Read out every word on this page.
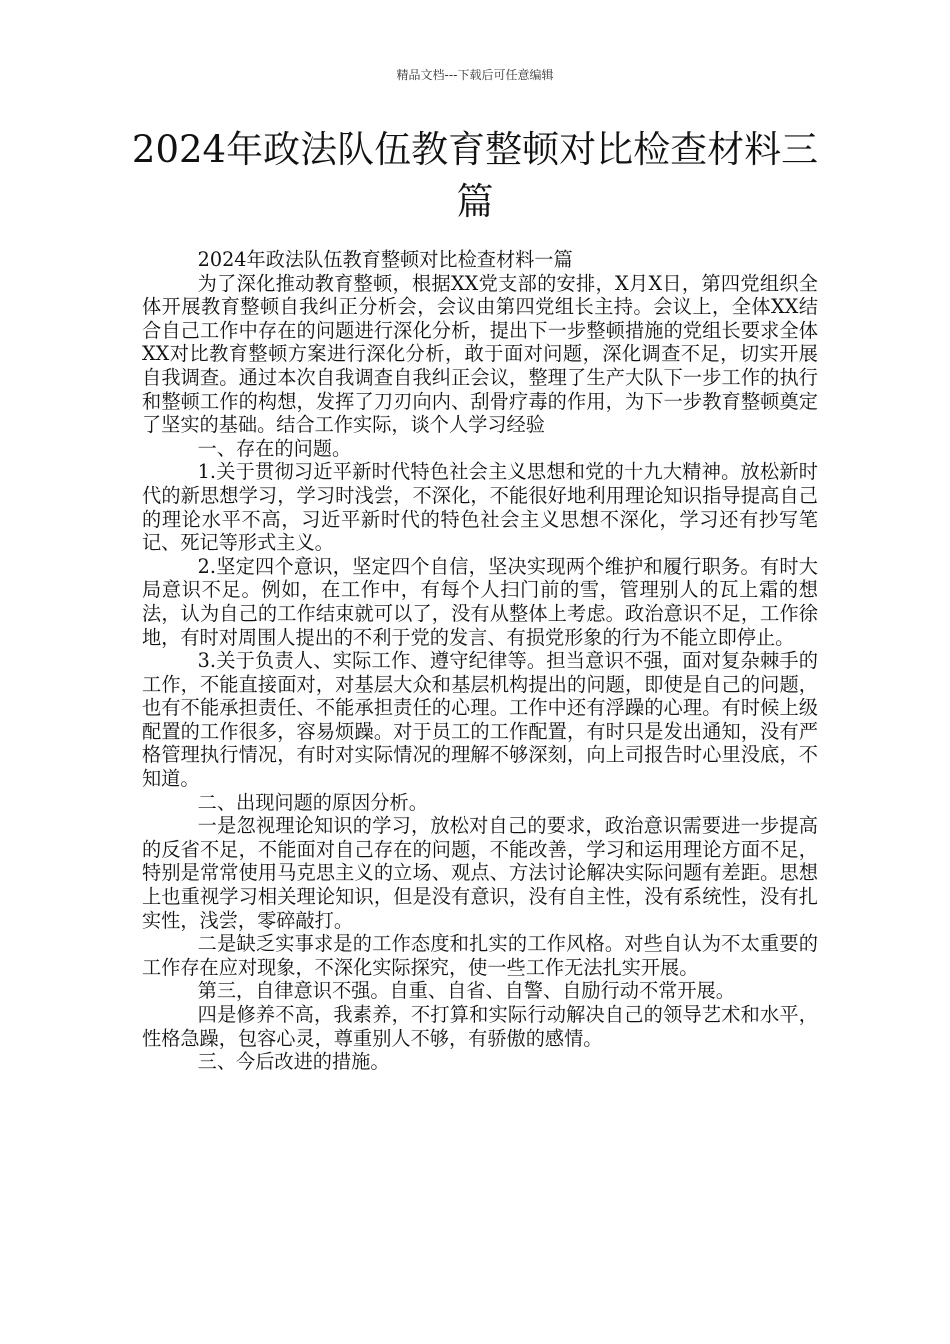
精品文档---下载后可任意编辑
2024年政法队伍教育整顿对比检查材料三篇

2024年政法队伍教育整顿对比检查材料一篇

为了深化推动教育整顿，根据XX党支部的安排，X月X日，第四党组织全体开展教育整顿自我纠正分析会，会议由第四党组长主持。会议上，全体XX结合自己工作中存在的问题进行深化分析，提出下一步整顿措施的党组长要求全体XX对比教育整顿方案进行深化分析，敢于面对问题，深化调查不足，切实开展自我调查。通过本次自我调查自我纠正会议，整理了生产大队下一步工作的执行和整顿工作的构想，发挥了刀刃向内、刮骨疗毒的作用，为下一步教育整顿奠定了坚实的基础。结合工作实际，谈个人学习经验

一、存在的问题。

1.关于贯彻习近平新时代特色社会主义思想和党的十九大精神。放松新时代的新思想学习，学习时浅尝，不深化，不能很好地利用理论知识指导提高自己的理论水平不高，习近平新时代的特色社会主义思想不深化，学习还有抄写笔记、死记等形式主义。

2.坚定四个意识，坚定四个自信，坚决实现两个维护和履行职务。有时大局意识不足。例如，在工作中，有每个人扫门前的雪，管理别人的瓦上霜的想法，认为自己的工作结束就可以了，没有从整体上考虑。政治意识不足，工作徐地，有时对周围人提出的不利于党的发言、有损党形象的行为不能立即停止。

3.关于负责人、实际工作、遵守纪律等。担当意识不强，面对复杂棘手的工作，不能直接面对，对基层大众和基层机构提出的问题，即使是自己的问题，也有不能承担责任、不能承担责任的心理。工作中还有浮躁的心理。有时候上级配置的工作很多，容易烦躁。对于员工的工作配置，有时只是发出通知，没有严格管理执行情况，有时对实际情况的理解不够深刻，向上司报告时心里没底，不知道。

二、出现问题的原因分析。

一是忽视理论知识的学习，放松对自己的要求，政治意识需要进一步提高的反省不足，不能面对自己存在的问题，不能改善，学习和运用理论方面不足，特别是常常使用马克思主义的立场、观点、方法讨论解决实际问题有差距。思想上也重视学习相关理论知识，但是没有意识，没有自主性，没有系统性，没有扎实性，浅尝，零碎敲打。

二是缺乏实事求是的工作态度和扎实的工作风格。对些自认为不太重要的工作存在应对现象，不深化实际探究，使一些工作无法扎实开展。

第三，自律意识不强。自重、自省、自警、自励行动不常开展。

四是修养不高，我素养，不打算和实际行动解决自己的领导艺术和水平，性格急躁，包容心灵，尊重别人不够，有骄傲的感情。

三、今后改进的措施。
